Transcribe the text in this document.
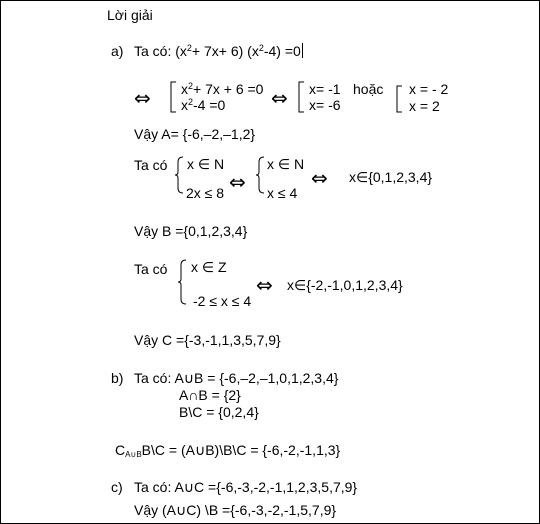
Lời giải
a) Ta có: $(x^2+ 7x+ 6)$ $(x^2-4) =0$
⇔ $x^2+ 7x + 6 =0$
$x^2-4 =0$ ⇔ x= -1
x= -6
hoặc x = - 2
x = 2
Vậy A= {-6,–2,–1,2}
Ta có x ∈ N
2x ≤ 8 ⇔
x ∈ N
x ≤ 4
⇔ x∈{0,1,2,3,4}
Vậy B ={0,1,2,3,4}
Ta có x ∈ Z
-2 ≤ x ≤ 4
⇔ x∈{-2,-1,0,1,2,3,4}
Vậy C ={-3,-1,1,3,5,7,9}
b) Ta có: A∪B = {-6,–2,–1,0,1,2,3,4}
A∩B = {2}
B\C = {0,2,4}
CA∪BB\C = (A∪B)\B\C = {-6,-2,-1,1,3}
c) Ta có: A∪C ={-6,-3,-2,-1,1,2,3,5,7,9}
Vậy (A∪C) \B ={-6,-3,-2,-1,5,7,9}
